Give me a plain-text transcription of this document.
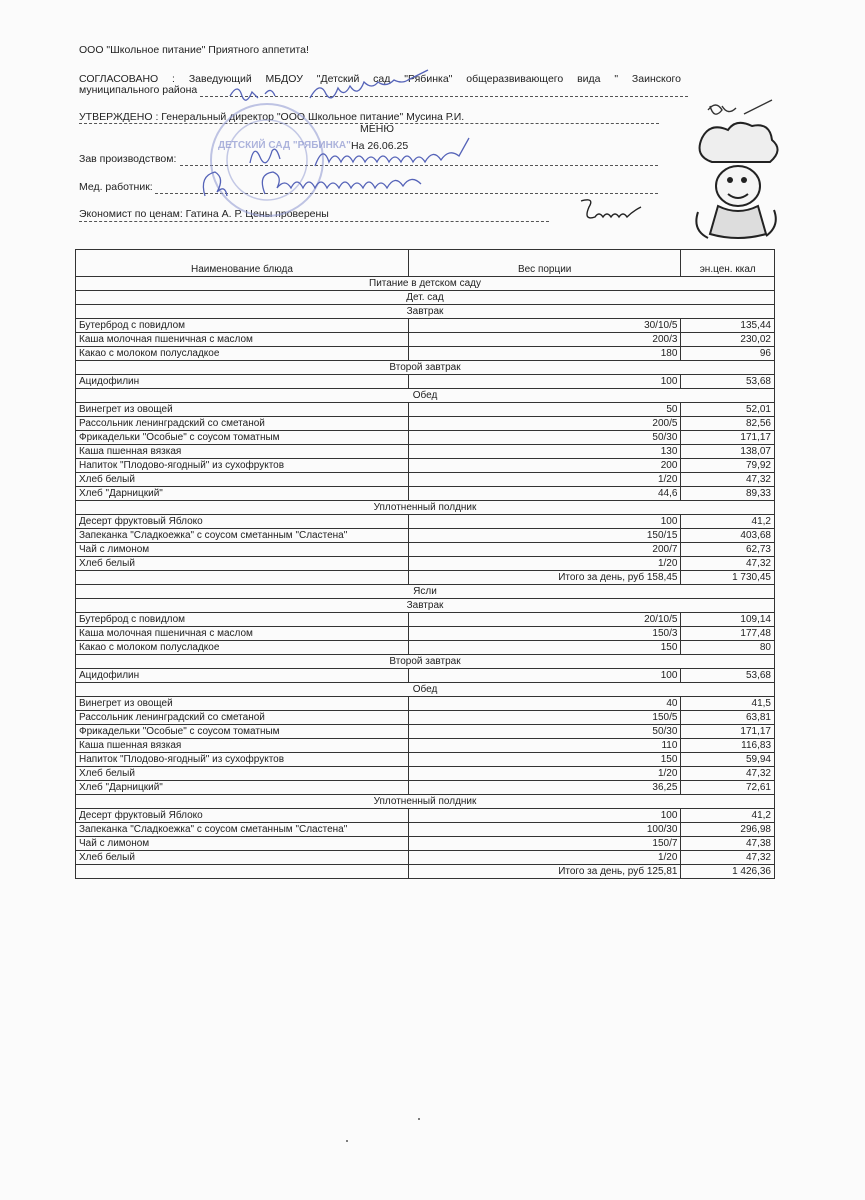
ООО "Школьное питание" Приятного аппетита!
СОГЛАСОВАНО : Заведующий МБДОУ "Детский сад "Рябинка" общеразвивающего вида " Заинского
муниципального района
УТВЕРЖДЕНО : Генеральный директор "ООО Школьное питание" Мусина Р.И.
МЕНЮ
На 26.06.25
Зав производством:
Мед. работник:
Экономист по ценам: Гатина А. Р. Цены проверены
ДЕТСКИЙ САД "РЯБИНКА"
Наименование блюда	Вес порции	эн.цен. ккал
Питание в детском саду		
Дет. сад		
Завтрак		
Бутерброд с повидлом	30/10/5	135,44
Каша молочная пшеничная с маслом	200/3	230,02
Какао с молоком полусладкое	180	96
Второй завтрак		
Ацидофилин	100	53,68
Обед		
Винегрет из овощей	50	52,01
Рассольник ленинградский со сметаной	200/5	82,56
Фрикадельки "Особые" с соусом томатным	50/30	171,17
Каша пшенная вязкая	130	138,07
Напиток "Плодово-ягодный" из сухофруктов	200	79,92
Хлеб белый	1/20	47,32
Хлеб "Дарницкий"	44,6	89,33
Уплотненный полдник		
Десерт фруктовый Яблоко	100	41,2
Запеканка "Сладкоежка" с соусом сметанным "Сластена"	150/15	403,68
Чай с лимоном	200/7	62,73
Хлеб белый	1/20	47,32
	Итого за день, руб 158,45	1 730,45
Ясли		
Завтрак		
Бутерброд с повидлом	20/10/5	109,14
Каша молочная пшеничная с маслом	150/3	177,48
Какао с молоком полусладкое	150	80
Второй завтрак		
Ацидофилин	100	53,68
Обед		
Винегрет из овощей	40	41,5
Рассольник ленинградский со сметаной	150/5	63,81
Фрикадельки "Особые" с соусом томатным	50/30	171,17
Каша пшенная вязкая	110	116,83
Напиток "Плодово-ягодный" из сухофруктов	150	59,94
Хлеб белый	1/20	47,32
Хлеб "Дарницкий"	36,25	72,61
Уплотненный полдник		
Десерт фруктовый Яблоко	100	41,2
Запеканка "Сладкоежка" с соусом сметанным "Сластена"	100/30	296,98
Чай с лимоном	150/7	47,38
Хлеб белый	1/20	47,32
	Итого за день, руб 125,81	1 426,36
